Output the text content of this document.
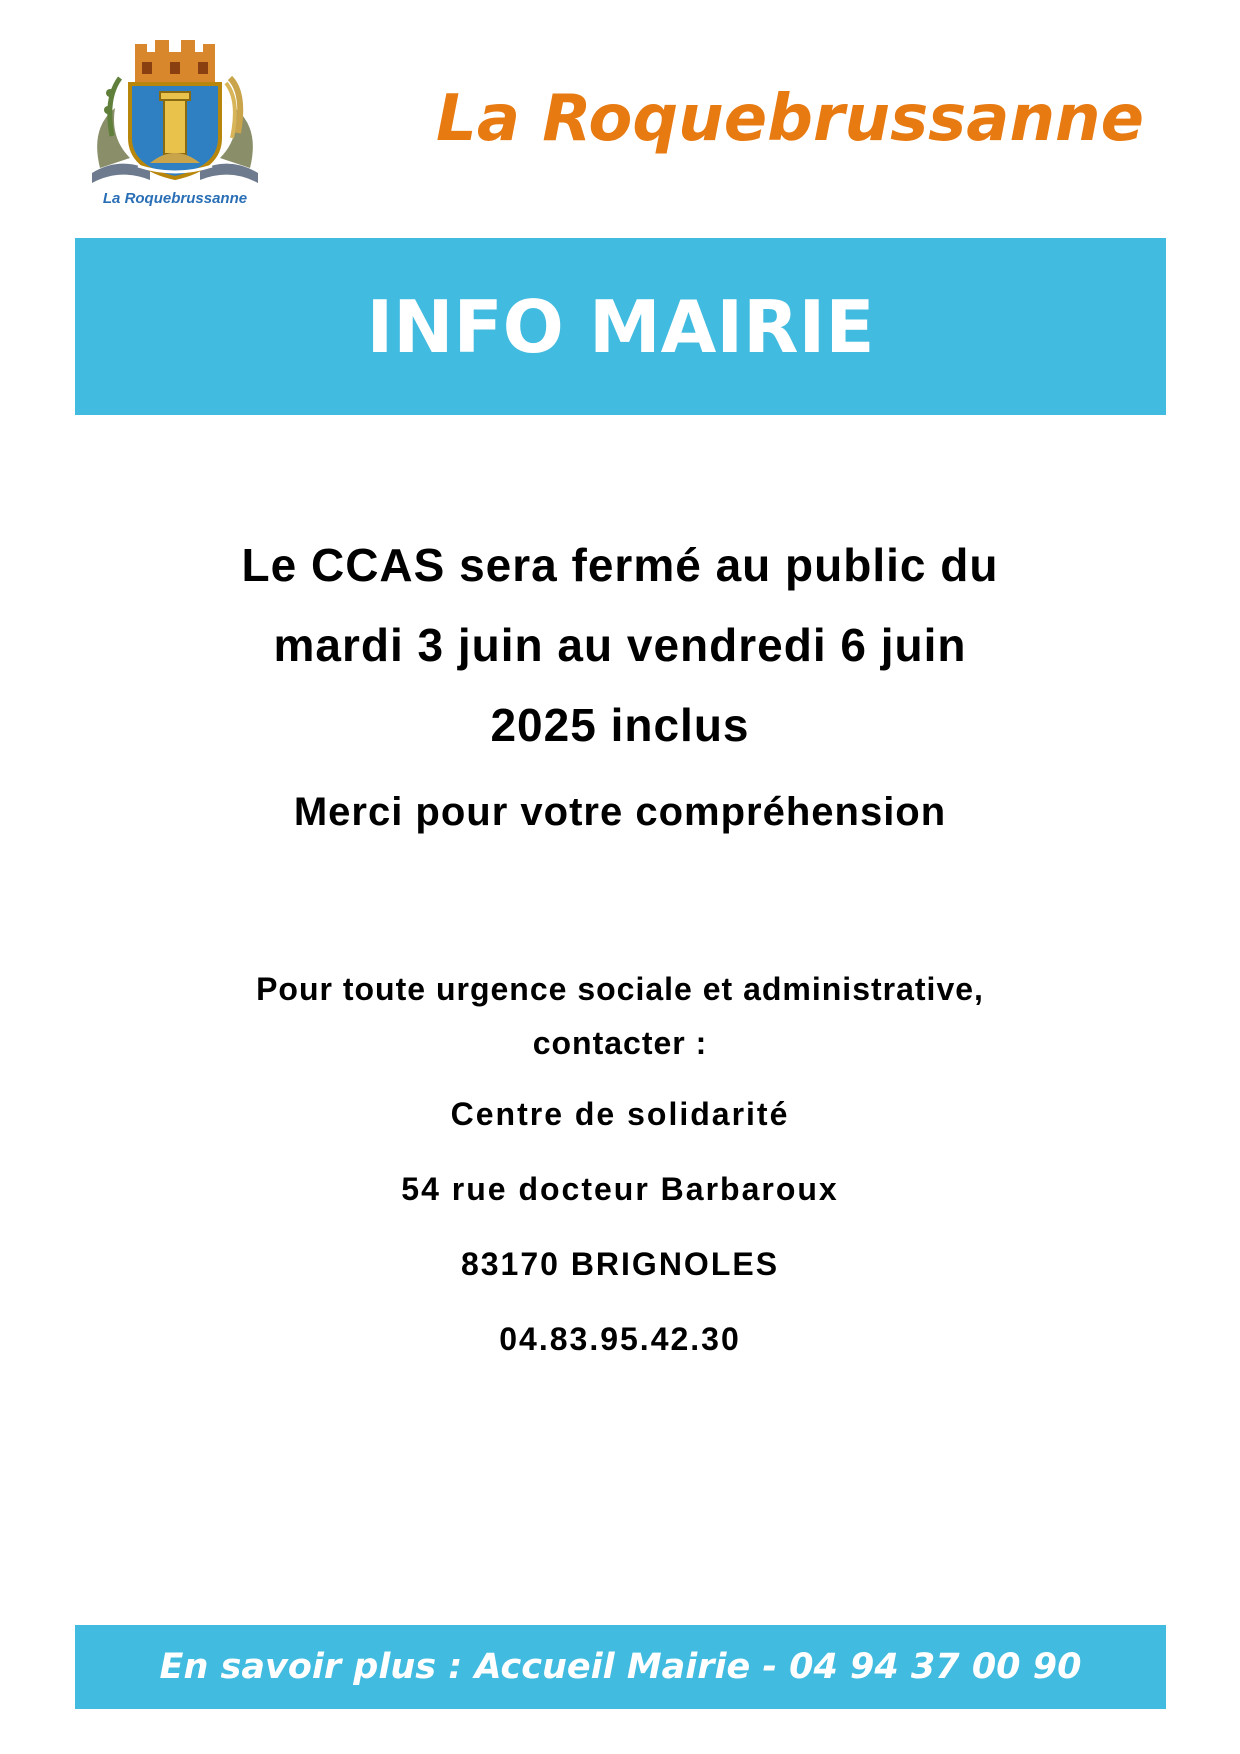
La Roquebrussanne
La Roquebrussanne
INFO MAIRIE
Le CCAS sera fermé au public du
mardi 3 juin au vendredi 6 juin
2025 inclus
Merci pour votre compréhension
Pour toute urgence sociale et administrative,
contacter :
Centre de solidarité
54 rue docteur Barbaroux
83170 BRIGNOLES
04.83.95.42.30
En savoir plus : Accueil Mairie - 04 94 37 00 90
